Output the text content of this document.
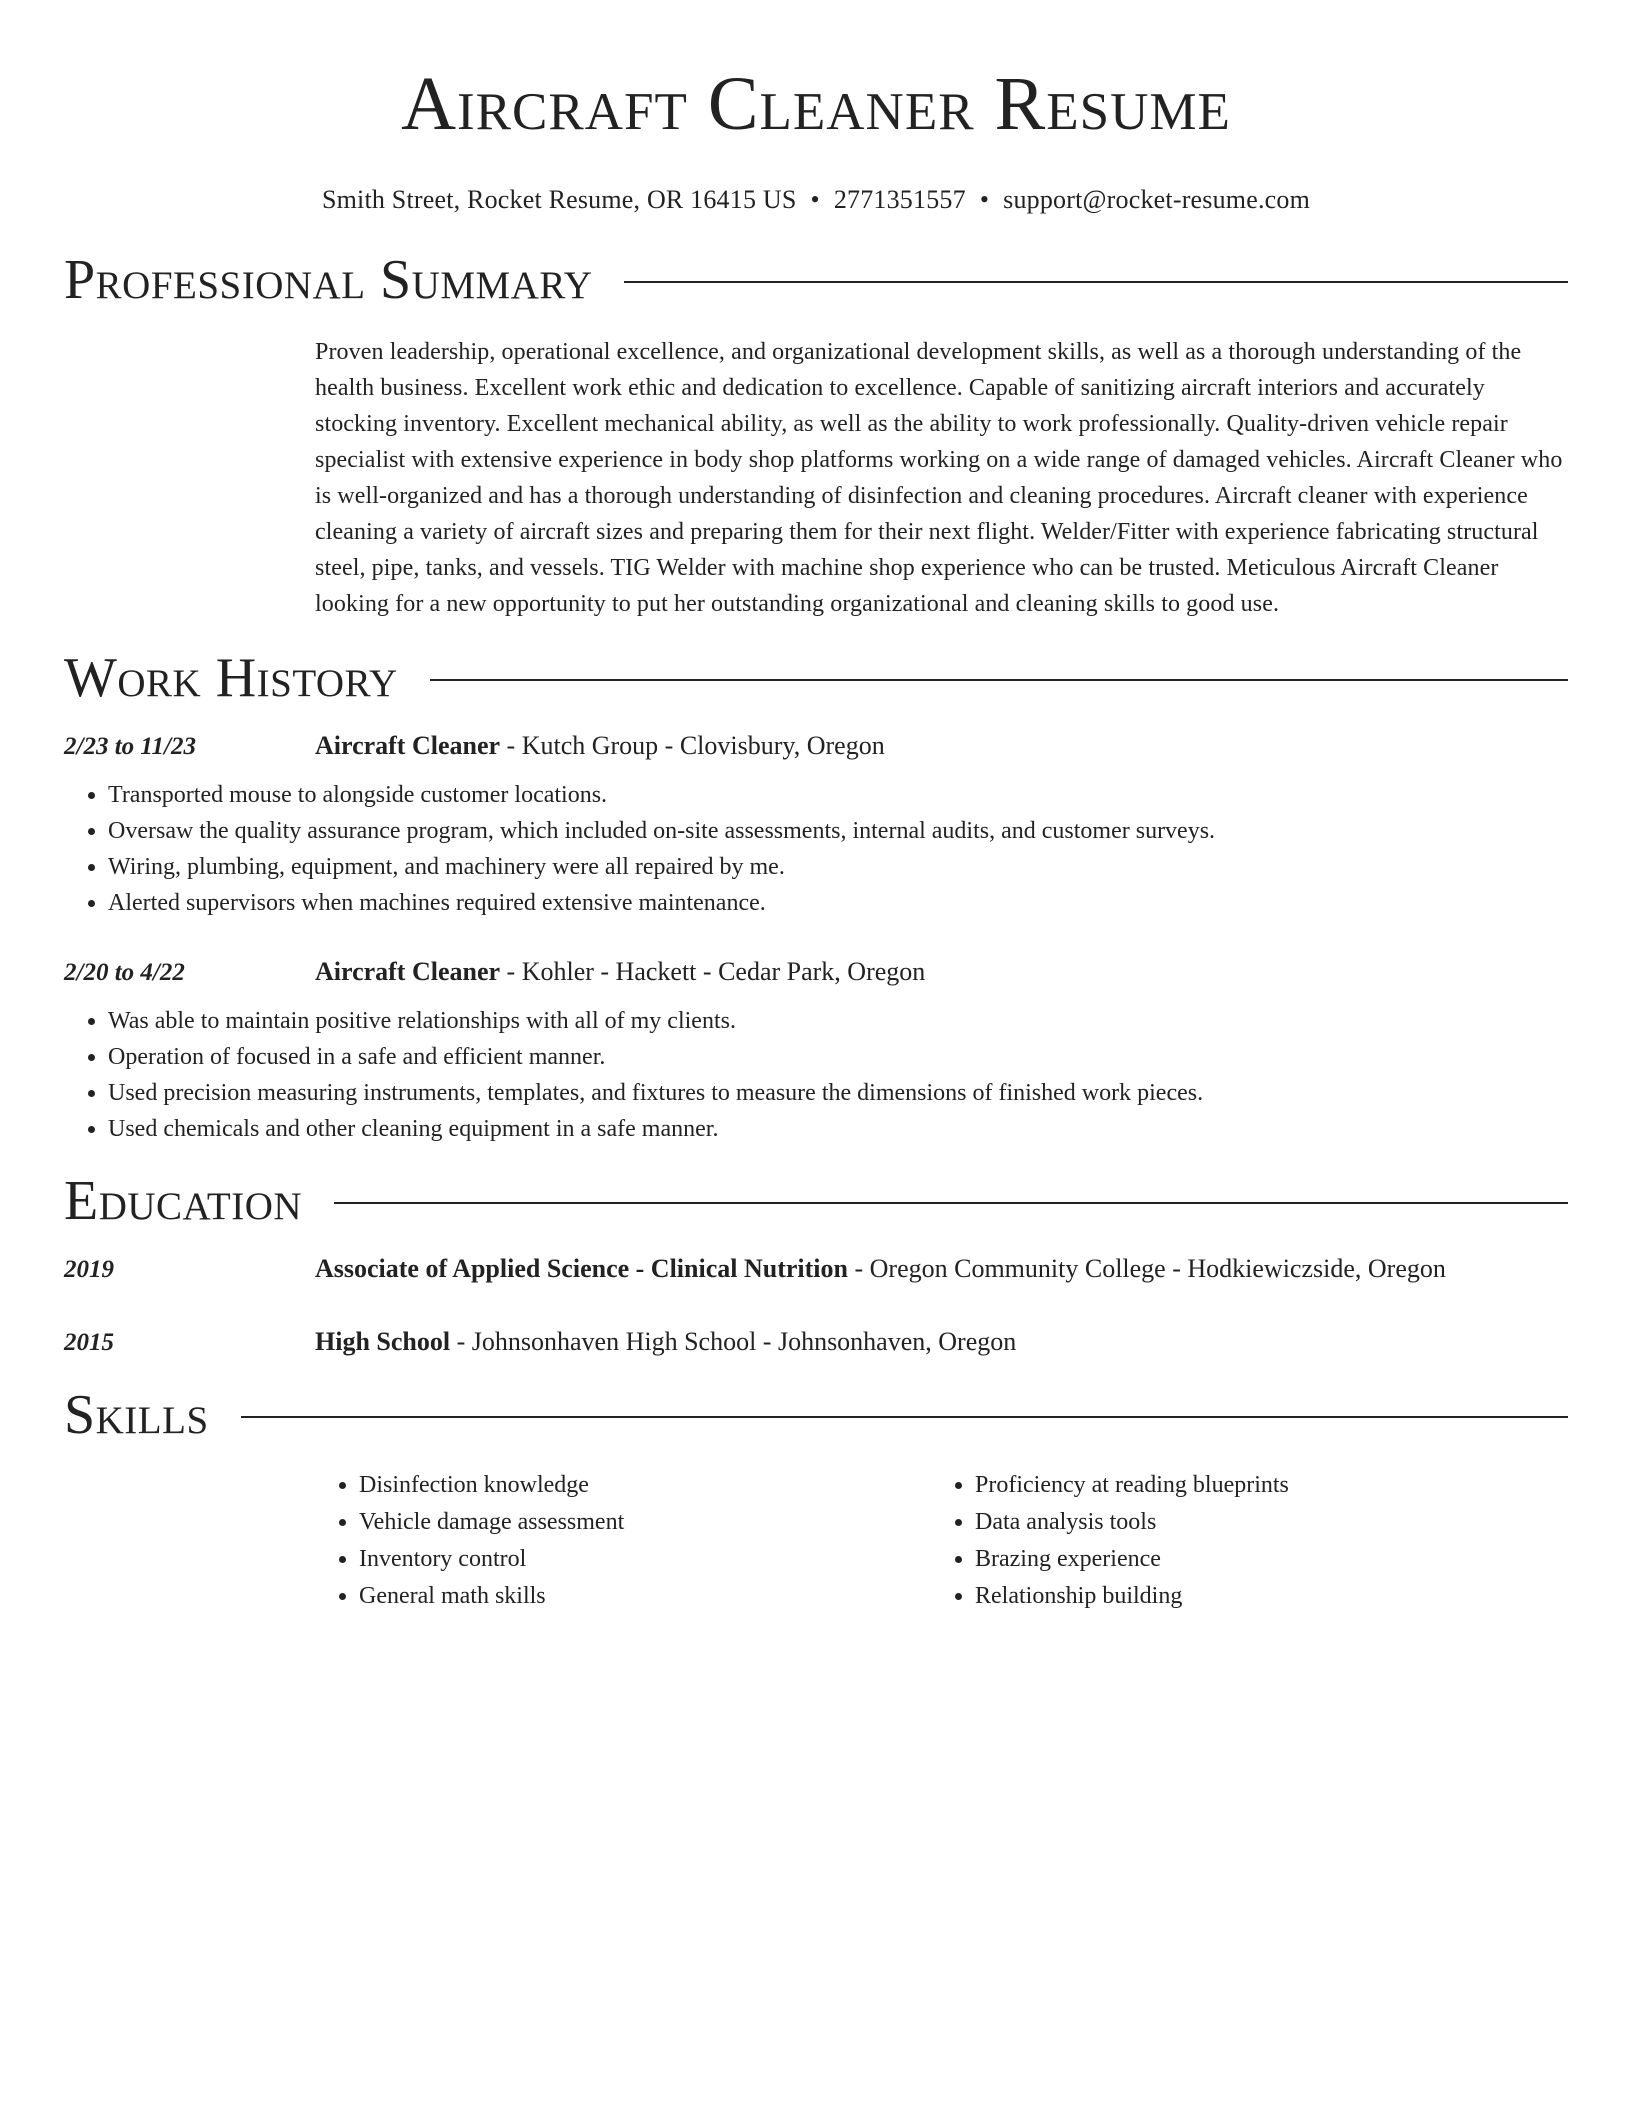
Aircraft Cleaner Resume
Smith Street, Rocket Resume, OR 16415 US • 2771351557 • support@rocket-resume.com
Professional Summary
Proven leadership, operational excellence, and organizational development skills, as well as a thorough understanding of the health business. Excellent work ethic and dedication to excellence. Capable of sanitizing aircraft interiors and accurately stocking inventory. Excellent mechanical ability, as well as the ability to work professionally. Quality-driven vehicle repair specialist with extensive experience in body shop platforms working on a wide range of damaged vehicles. Aircraft Cleaner who is well-organized and has a thorough understanding of disinfection and cleaning procedures. Aircraft cleaner with experience cleaning a variety of aircraft sizes and preparing them for their next flight. Welder/Fitter with experience fabricating structural steel, pipe, tanks, and vessels. TIG Welder with machine shop experience who can be trusted. Meticulous Aircraft Cleaner looking for a new opportunity to put her outstanding organizational and cleaning skills to good use.
Work History
2/23 to 11/23	Aircraft Cleaner - Kutch Group - Clovisbury, Oregon
• Transported mouse to alongside customer locations.
• Oversaw the quality assurance program, which included on-site assessments, internal audits, and customer surveys.
• Wiring, plumbing, equipment, and machinery were all repaired by me.
• Alerted supervisors when machines required extensive maintenance.
2/20 to 4/22	Aircraft Cleaner - Kohler - Hackett - Cedar Park, Oregon
• Was able to maintain positive relationships with all of my clients.
• Operation of focused in a safe and efficient manner.
• Used precision measuring instruments, templates, and fixtures to measure the dimensions of finished work pieces.
• Used chemicals and other cleaning equipment in a safe manner.
Education
2019	Associate of Applied Science - Clinical Nutrition - Oregon Community College - Hodkiewiczside, Oregon
2015	High School - Johnsonhaven High School - Johnsonhaven, Oregon
Skills
• Disinfection knowledge
• Vehicle damage assessment
• Inventory control
• General math skills
• Proficiency at reading blueprints
• Data analysis tools
• Brazing experience
• Relationship building
